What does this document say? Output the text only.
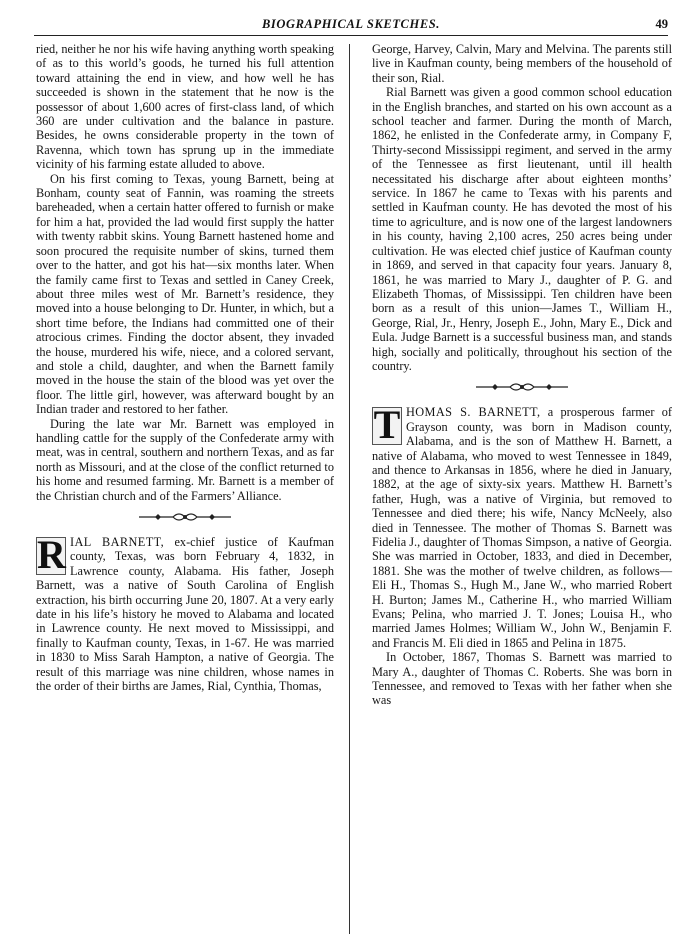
BIOGRAPHICAL SKETCHES.	49

ried, neither he nor his wife having anything worth speaking of as to this world’s goods, he turned his full attention toward attaining the end in view, and how well he has succeeded is shown in the statement that he now is the possessor of about 1,600 acres of first-class land, of which 360 are under cultivation and the balance in pasture. Besides, he owns considerable property in the town of Ravenna, which town has sprung up in the immediate vicinity of his farming estate alluded to above.

On his first coming to Texas, young Barnett, being at Bonham, county seat of Fannin, was roaming the streets bareheaded, when a certain hatter offered to furnish or make for him a hat, provided the lad would first supply the hatter with twenty rabbit skins. Young Barnett hastened home and soon procured the requisite number of skins, turned them over to the hatter, and got his hat—six months later. When the family came first to Texas and settled in Caney Creek, about three miles west of Mr. Barnett’s residence, they moved into a house belonging to Dr. Hunter, in which, but a short time before, the Indians had committed one of their atrocious crimes. Finding the doctor absent, they invaded the house, murdered his wife, niece, and a colored servant, and stole a child, daughter, and when the Barnett family moved in the house the stain of the blood was yet over the floor. The little girl, however, was afterward bought by an Indian trader and restored to her father.

During the late war Mr. Barnett was employed in handling cattle for the supply of the Confederate army with meat, was in central, southern and northern Texas, and as far north as Missouri, and at the close of the conflict returned to his home and resumed farming. Mr. Barnett is a member of the Christian church and of the Farmers’ Alliance.

R IAL BARNETT, ex-chief justice of Kaufman county, Texas, was born February 4, 1832, in Lawrence county, Alabama. His father, Joseph Barnett, was a native of South Carolina of English extraction, his birth occurring June 20, 1807. At a very early date in his life’s history he moved to Alabama and located in Lawrence county. He next moved to Mississippi, and finally to Kaufman county, Texas, in 1-67. He was married in 1830 to Miss Sarah Hampton, a native of Georgia. The result of this marriage was nine children, whose names in the order of their births are James, Rial, Cynthia, Thomas,

George, Harvey, Calvin, Mary and Melvina. The parents still live in Kaufman county, being members of the household of their son, Rial.

Rial Barnett was given a good common school education in the English branches, and started on his own account as a school teacher and farmer. During the month of March, 1862, he enlisted in the Confederate army, in Company F, Thirty-second Mississippi regiment, and served in the army of the Tennessee as first lieutenant, until ill health necessitated his discharge after about eighteen months’ service. In 1867 he came to Texas with his parents and settled in Kaufman county. He has devoted the most of his time to agriculture, and is now one of the largest landowners in his county, having 2,100 acres, 250 acres being under cultivation. He was elected chief justice of Kaufman county in 1869, and served in that capacity four years. January 8, 1861, he was married to Mary J., daughter of P. G. and Elizabeth Thomas, of Mississippi. Ten children have been born as a result of this union—James T., William H., George, Rial, Jr., Henry, Joseph E., John, Mary E., Dick and Eula. Judge Barnett is a successful business man, and stands high, socially and politically, throughout his section of the country.

T HOMAS S. BARNETT, a prosperous farmer of Grayson county, was born in Madison county, Alabama, and is the son of Matthew H. Barnett, a native of Alabama, who moved to west Tennessee in 1849, and thence to Arkansas in 1856, where he died in January, 1882, at the age of sixty-six years. Matthew H. Barnett’s father, Hugh, was a native of Virginia, but removed to Tennessee and died there; his wife, Nancy McNeely, also died in Tennessee. The mother of Thomas S. Barnett was Fidelia J., daughter of Thomas Simpson, a native of Georgia. She was married in October, 1833, and died in December, 1881. She was the mother of twelve children, as follows—Eli H., Thomas S., Hugh M., Jane W., who married Robert H. Burton; James M., Catherine H., who married William Evans; Pelina, who married J. T. Jones; Louisa H., who married James Holmes; William W., John W., Benjamin F. and Francis M. Eli died in 1865 and Pelina in 1875.

In October, 1867, Thomas S. Barnett was married to Mary A., daughter of Thomas C. Roberts. She was born in Tennessee, and removed to Texas with her father when she was
